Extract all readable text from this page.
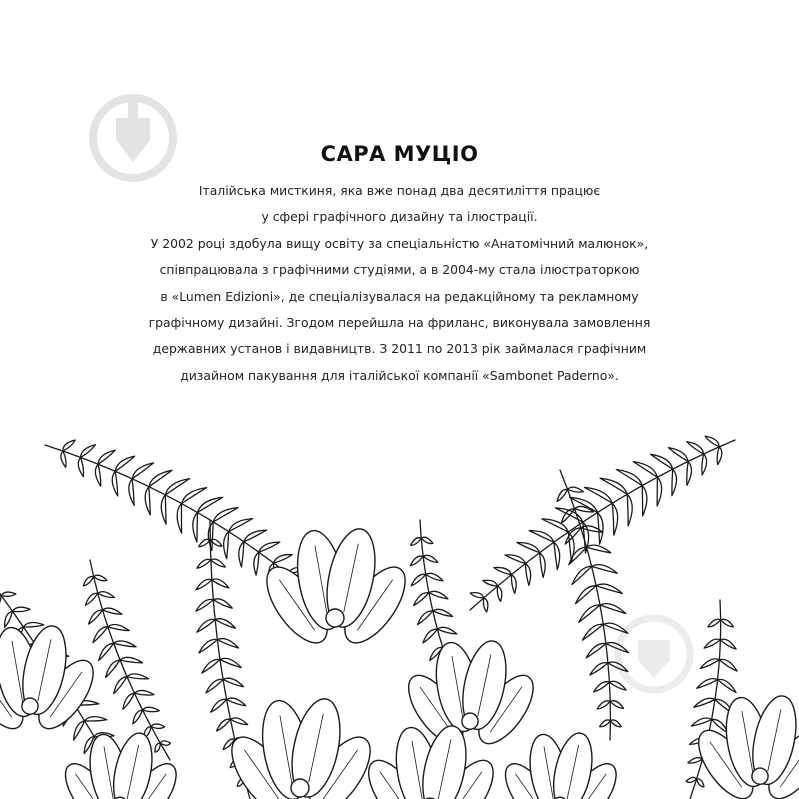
САРА МУЦІО
Італійська мисткиня, яка вже понад два десятиліття працює
у сфері графічного дизайну та ілюстрації.
У 2002 році здобула вищу освіту за спеціальністю «Анатомічний малюнок»,
співпрацювала з графічними студіями, а в 2004-му стала ілюстраторкою
в «Lumen Edizioni», де спеціалізувалася на редакційному та рекламному
графічному дизайні. Згодом перейшла на фриланс, виконувала замовлення
державних установ і видавництв. З 2011 по 2013 рік займалася графічним
дизайном пакування для італійської компанії «Sambonet Paderno».
